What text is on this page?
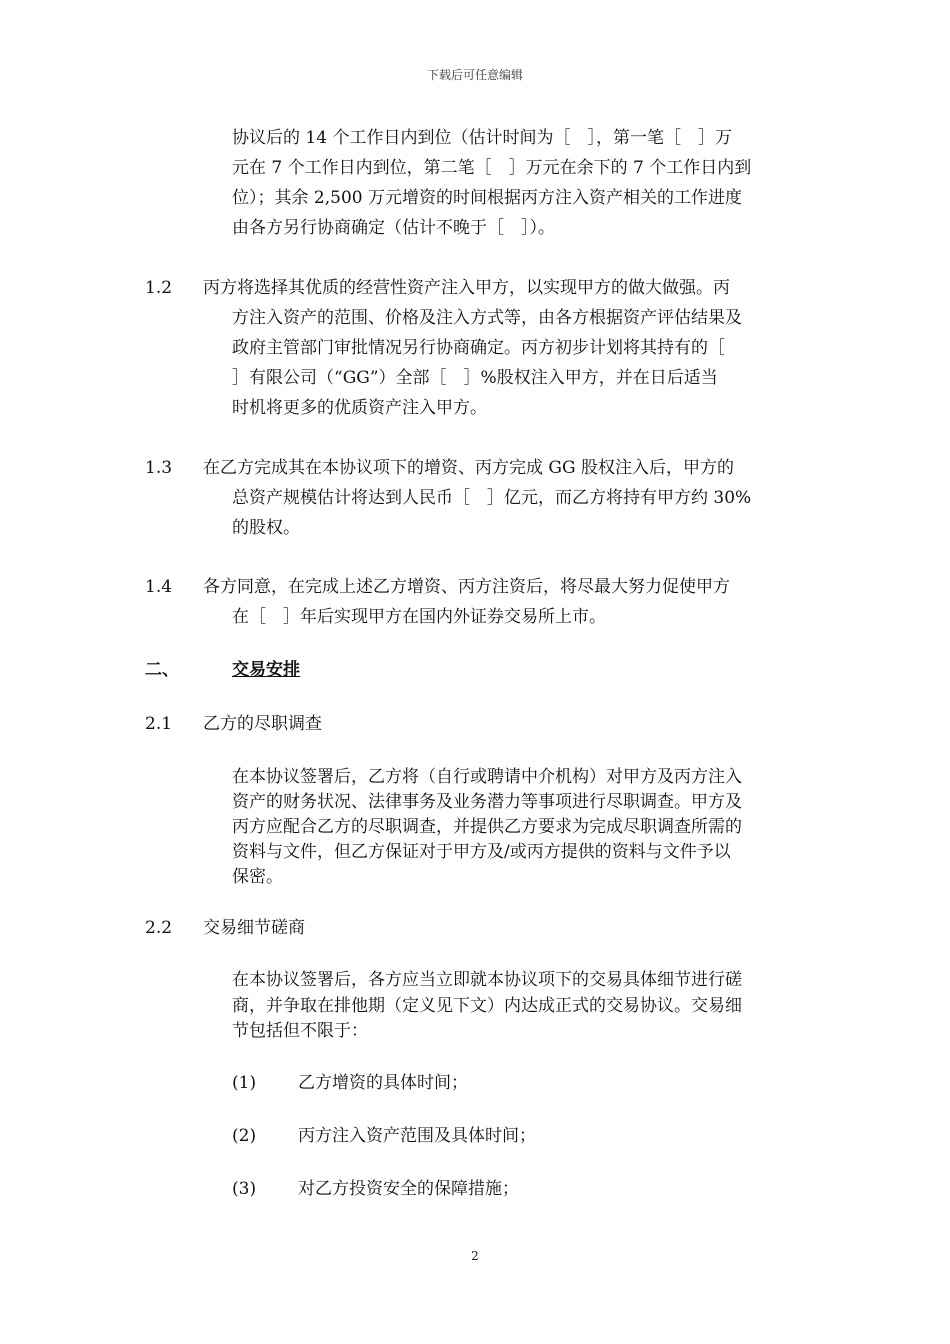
下载后可任意编辑
协议后的 14 个工作日内到位（估计时间为［　］，第一笔［　］万
元在 7 个工作日内到位，第二笔［　］万元在余下的 7 个工作日内到
位）；其余 2,500 万元增资的时间根据丙方注入资产相关的工作进度
由各方另行协商确定（估计不晚于［　］）。
1.2 丙方将选择其优质的经营性资产注入甲方，以实现甲方的做大做强。丙
方注入资产的范围、价格及注入方式等，由各方根据资产评估结果及
政府主管部门审批情况另行协商确定。丙方初步计划将其持有的［
］有限公司（“GG”）全部［　］%股权注入甲方，并在日后适当
时机将更多的优质资产注入甲方。
1.3 在乙方完成其在本协议项下的增资、丙方完成 GG 股权注入后，甲方的
总资产规模估计将达到人民币［　］亿元，而乙方将持有甲方约 30%
的股权。
1.4 各方同意，在完成上述乙方增资、丙方注资后，将尽最大努力促使甲方
在［　］年后实现甲方在国内外证券交易所上市。
二、	交易安排
2.1 乙方的尽职调查
在本协议签署后，乙方将（自行或聘请中介机构）对甲方及丙方注入
资产的财务状况、法律事务及业务潜力等事项进行尽职调查。甲方及
丙方应配合乙方的尽职调查，并提供乙方要求为完成尽职调查所需的
资料与文件，但乙方保证对于甲方及/或丙方提供的资料与文件予以
保密。
2.2 交易细节磋商
在本协议签署后，各方应当立即就本协议项下的交易具体细节进行磋
商，并争取在排他期（定义见下文）内达成正式的交易协议。交易细
节包括但不限于：
(1) 乙方增资的具体时间；
(2) 丙方注入资产范围及具体时间；
(3) 对乙方投资安全的保障措施；
2
